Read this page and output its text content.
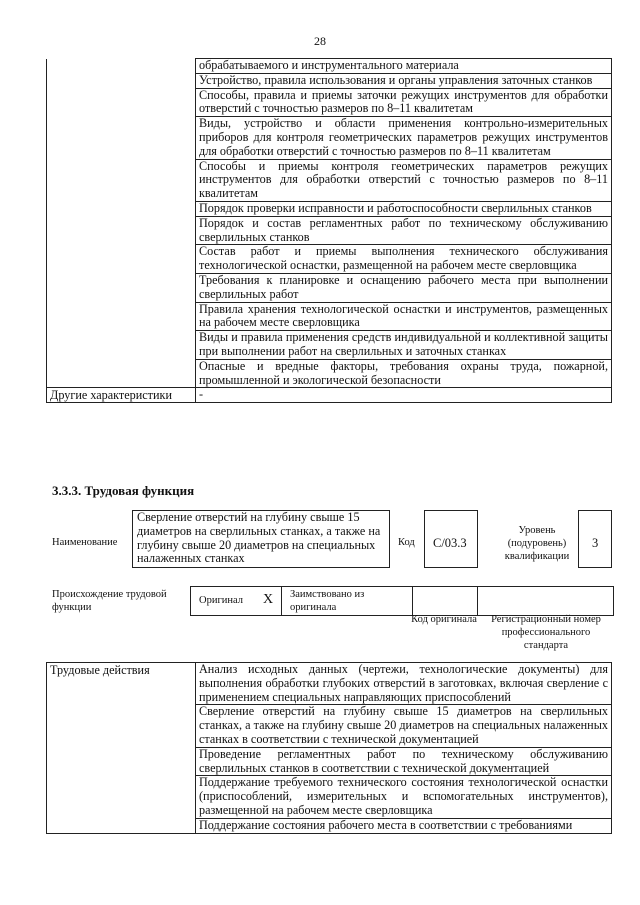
28
	обрабатываемого и инструментального материала
	Устройство, правила использования и органы управления заточных станков
	Способы, правила и приемы заточки режущих инструментов для обработки отверстий с точностью размеров по 8–11 квалитетам
	Виды, устройство и области применения контрольно-измерительных приборов для контроля геометрических параметров режущих инструментов для обработки отверстий с точностью размеров по 8–11 квалитетам
	Способы и приемы контроля геометрических параметров режущих инструментов для обработки отверстий с точностью размеров по 8–11 квалитетам
	Порядок проверки исправности и работоспособности сверлильных станков
	Порядок и состав регламентных работ по техническому обслуживанию сверлильных станков
	Состав работ и приемы выполнения технического обслуживания технологической оснастки, размещенной на рабочем месте сверловщика
	Требования к планировке и оснащению рабочего места при выполнении сверлильных работ
	Правила хранения технологической оснастки и инструментов, размещенных на рабочем месте сверловщика
	Виды и правила применения средств индивидуальной и коллективной защиты при выполнении работ на сверлильных и заточных станках
	Опасные и вредные факторы, требования охраны труда, пожарной, промышленной и экологической безопасности
Другие характеристики	-
3.3.3. Трудовая функция
Наименование
Сверление отверстий на глубину свыше 15 диаметров на сверлильных станках, а также на глубину свыше 20 диаметров на специальных налаженных станках
Код С/03.3
Уровень (подуровень) квалификации
3
Происхождение трудовой функции
Оригинал Х Заимствовано из оригинала
Код оригинала	Регистрационный номер профессионального стандарта
Трудовые действия	Анализ исходных данных (чертежи, технологические документы) для выполнения обработки глубоких отверстий в заготовках, включая сверление с применением специальных направляющих приспособлений
Сверление отверстий на глубину свыше 15 диаметров на сверлильных станках, а также на глубину свыше 20 диаметров на специальных налаженных станках в соответствии с технической документацией
Проведение регламентных работ по техническому обслуживанию сверлильных станков в соответствии с технической документацией
Поддержание требуемого технического состояния технологической оснастки (приспособлений, измерительных и вспомогательных инструментов), размещенной на рабочем месте сверловщика
Поддержание состояния рабочего места в соответствии с требованиями
